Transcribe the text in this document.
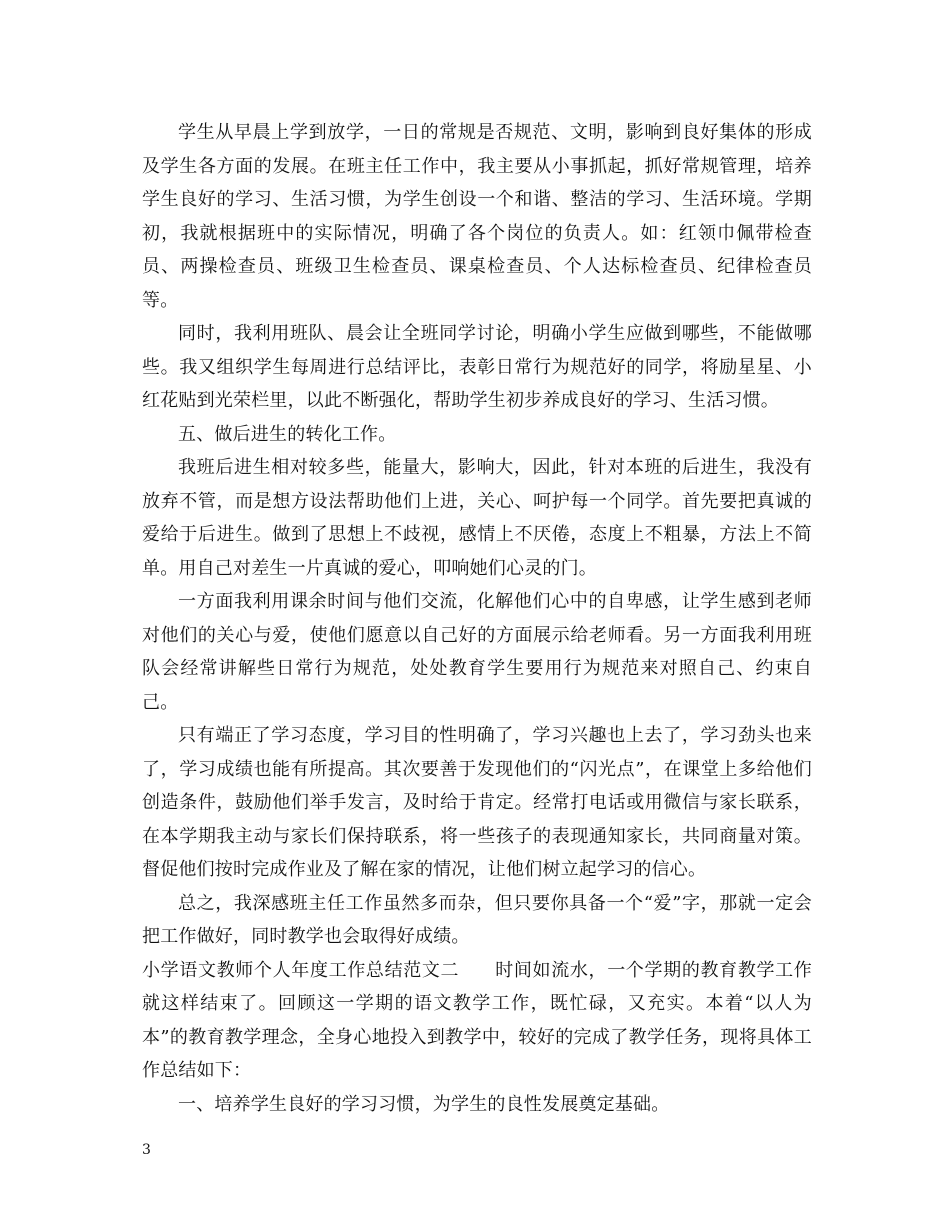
学生从早晨上学到放学，一日的常规是否规范、文明，影响到良好集体的形成及学生各方面的发展。在班主任工作中，我主要从小事抓起，抓好常规管理，培养学生良好的学习、生活习惯，为学生创设一个和谐、整洁的学习、生活环境。学期初，我就根据班中的实际情况，明确了各个岗位的负责人。如：红领巾佩带检查员、两操检查员、班级卫生检查员、课桌检查员、个人达标检查员、纪律检查员等。

同时，我利用班队、晨会让全班同学讨论，明确小学生应做到哪些，不能做哪些。我又组织学生每周进行总结评比，表彰日常行为规范好的同学，将励星星、小红花贴到光荣栏里，以此不断强化，帮助学生初步养成良好的学习、生活习惯。

五、做后进生的转化工作。

我班后进生相对较多些，能量大，影响大，因此，针对本班的后进生，我没有放弃不管，而是想方设法帮助他们上进，关心、呵护每一个同学。首先要把真诚的爱给于后进生。做到了思想上不歧视，感情上不厌倦，态度上不粗暴，方法上不简单。用自己对差生一片真诚的爱心，叩响她们心灵的门。

一方面我利用课余时间与他们交流，化解他们心中的自卑感，让学生感到老师对他们的关心与爱，使他们愿意以自己好的方面展示给老师看。另一方面我利用班队会经常讲解些日常行为规范，处处教育学生要用行为规范来对照自己、约束自己。

只有端正了学习态度，学习目的性明确了，学习兴趣也上去了，学习劲头也来了，学习成绩也能有所提高。其次要善于发现他们的“闪光点”，在课堂上多给他们创造条件，鼓励他们举手发言，及时给于肯定。经常打电话或用微信与家长联系，在本学期我主动与家长们保持联系，将一些孩子的表现通知家长，共同商量对策。督促他们按时完成作业及了解在家的情况，让他们树立起学习的信心。

总之，我深感班主任工作虽然多而杂，但只要你具备一个“爱”字，那就一定会把工作做好，同时教学也会取得好成绩。

小学语文教师个人年度工作总结范文二 时间如流水，一个学期的教育教学工作就这样结束了。回顾这一学期的语文教学工作，既忙碌，又充实。本着“以人为本”的教育教学理念，全身心地投入到教学中，较好的完成了教学任务，现将具体工作总结如下：

一、培养学生良好的学习习惯，为学生的良性发展奠定基础。

3
